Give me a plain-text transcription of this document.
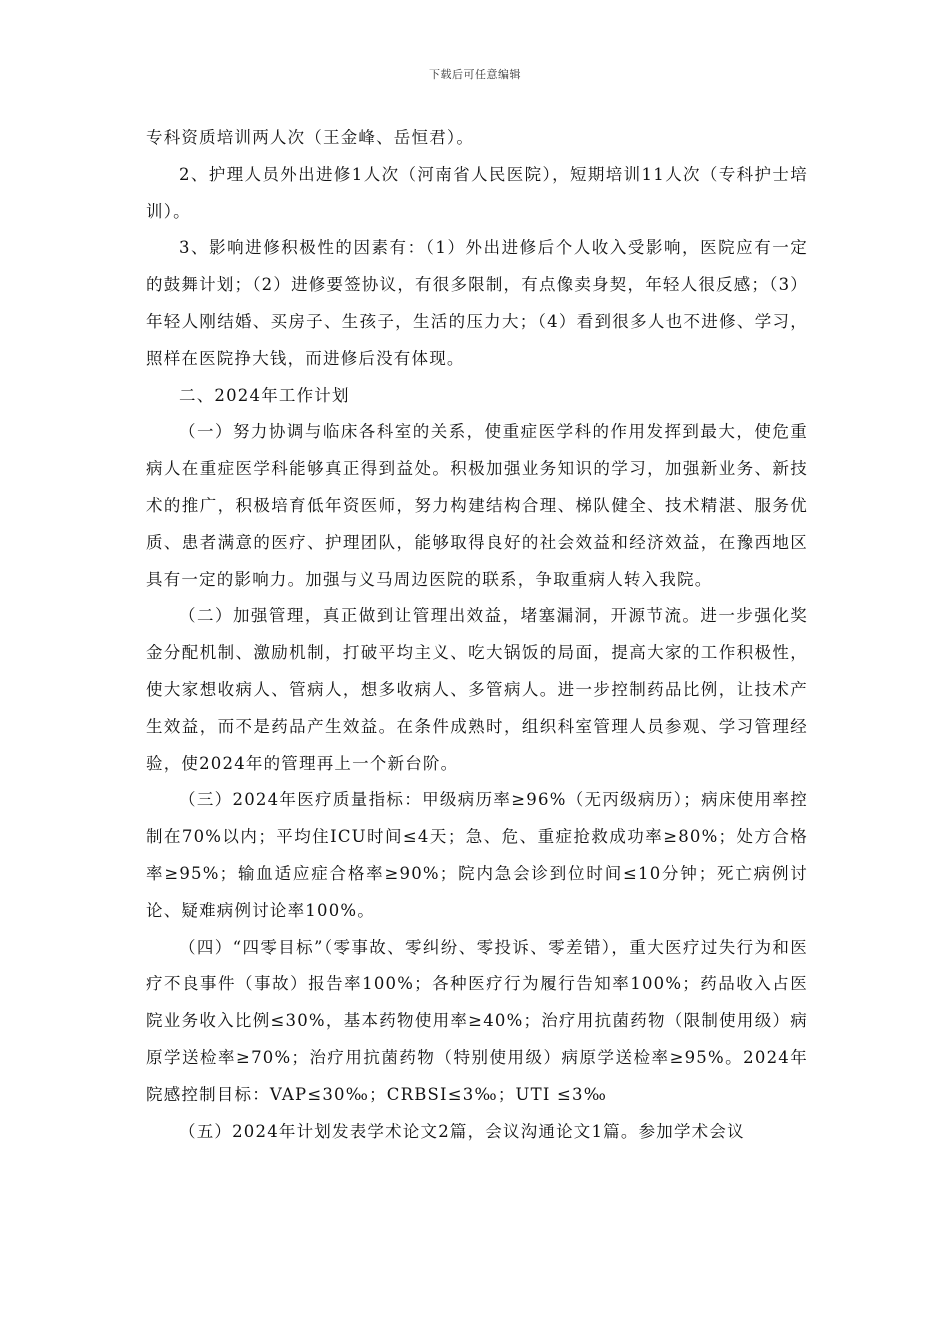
下载后可任意编辑

专科资质培训两人次（王金峰、岳恒君）。

2、护理人员外出进修1人次（河南省人民医院），短期培训11人次（专科护士培训）。

3、影响进修积极性的因素有：（1）外出进修后个人收入受影响，医院应有一定的鼓舞计划；（2）进修要签协议，有很多限制，有点像卖身契，年轻人很反感；（3）年轻人刚结婚、买房子、生孩子，生活的压力大；（4）看到很多人也不进修、学习，照样在医院挣大钱，而进修后没有体现。

二、2024年工作计划

（一）努力协调与临床各科室的关系，使重症医学科的作用发挥到最大，使危重病人在重症医学科能够真正得到益处。积极加强业务知识的学习，加强新业务、新技术的推广，积极培育低年资医师，努力构建结构合理、梯队健全、技术精湛、服务优质、患者满意的医疗、护理团队，能够取得良好的社会效益和经济效益，在豫西地区具有一定的影响力。加强与义马周边医院的联系，争取重病人转入我院。

（二）加强管理，真正做到让管理出效益，堵塞漏洞，开源节流。进一步强化奖金分配机制、激励机制，打破平均主义、吃大锅饭的局面，提高大家的工作积极性，使大家想收病人、管病人，想多收病人、多管病人。进一步控制药品比例，让技术产生效益，而不是药品产生效益。在条件成熟时，组织科室管理人员参观、学习管理经验，使2024年的管理再上一个新台阶。

（三）2024年医疗质量指标：甲级病历率≥96%（无丙级病历）；病床使用率控制在70%以内；平均住ICU时间≤4天；急、危、重症抢救成功率≥80%；处方合格率≥95%；输血适应症合格率≥90%；院内急会诊到位时间≤10分钟；死亡病例讨论、疑难病例讨论率100%。

（四）“四零目标”（零事故、零纠纷、零投诉、零差错），重大医疗过失行为和医疗不良事件（事故）报告率100%；各种医疗行为履行告知率100%；药品收入占医院业务收入比例≤30%，基本药物使用率≥40%；治疗用抗菌药物（限制使用级）病原学送检率≥70%；治疗用抗菌药物（特别使用级）病原学送检率≥95%。2024年院感控制目标：VAP≤30‰；CRBSI≤3‰；UTI ≤3‰

（五）2024年计划发表学术论文2篇，会议沟通论文1篇。参加学术会议
